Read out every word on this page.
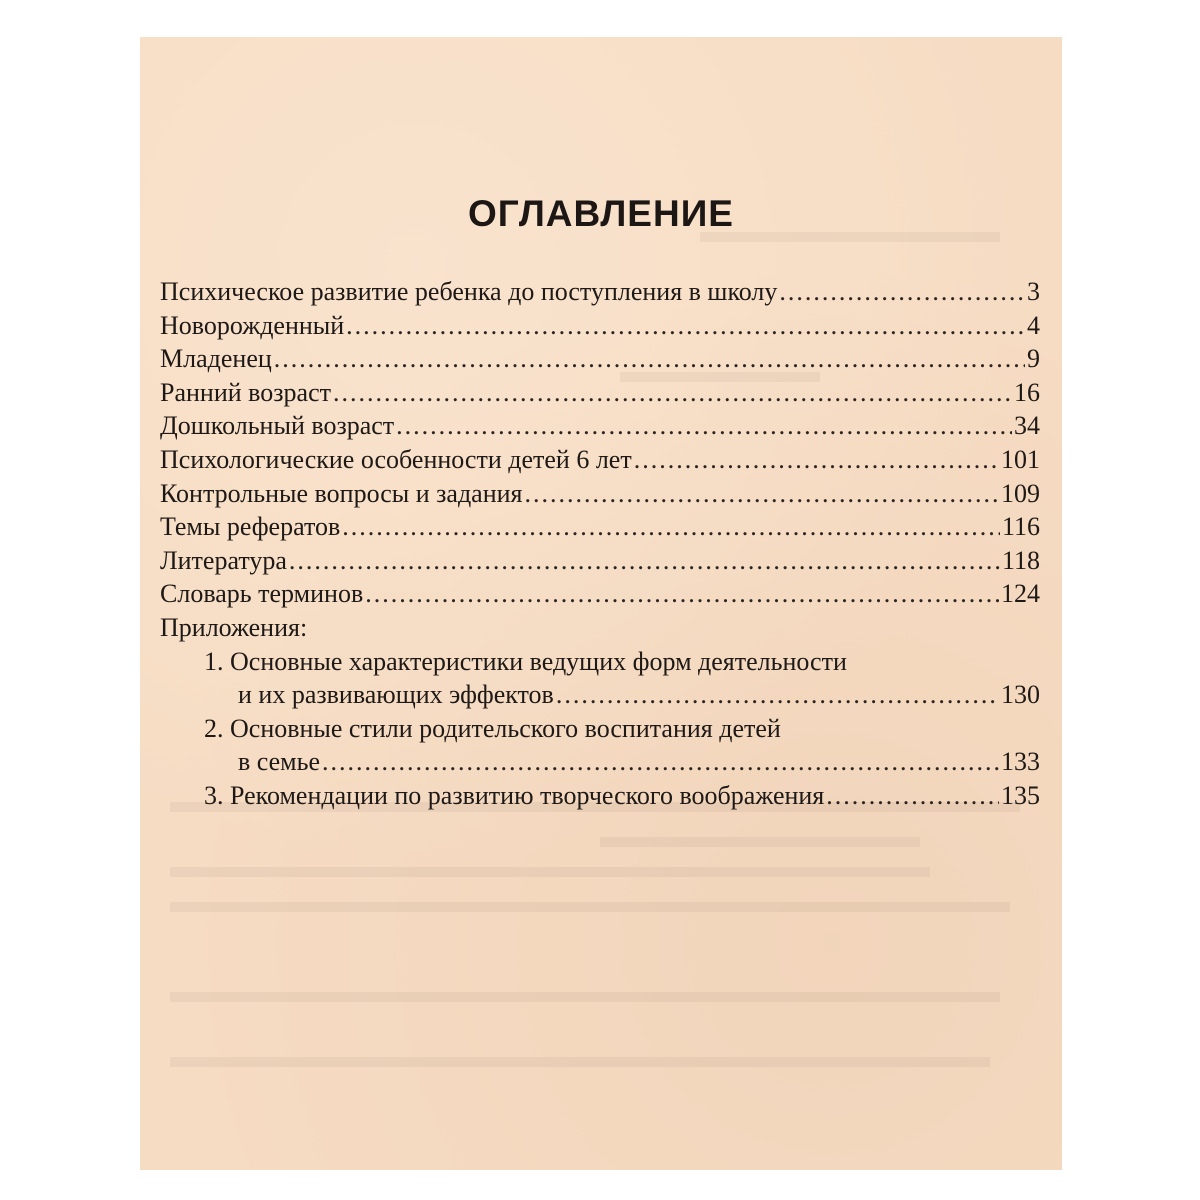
ОГЛАВЛЕНИЕ
Психическое развитие ребенка до поступления в школу .....	3
Новорожденный .....	4
Младенец .....	9
Ранний возраст .....	16
Дошкольный возраст .....	34
Психологические особенности детей 6 лет .....	101
Контрольные вопросы и задания .....	109
Темы рефератов .....	116
Литература .....	118
Словарь терминов .....	124
Приложения:
1. Основные характеристики ведущих форм деятельности
и их развивающих эффектов .....	130
2. Основные стили родительского воспитания детей
в семье .....	133
3. Рекомендации по развитию творческого воображения .....	135
